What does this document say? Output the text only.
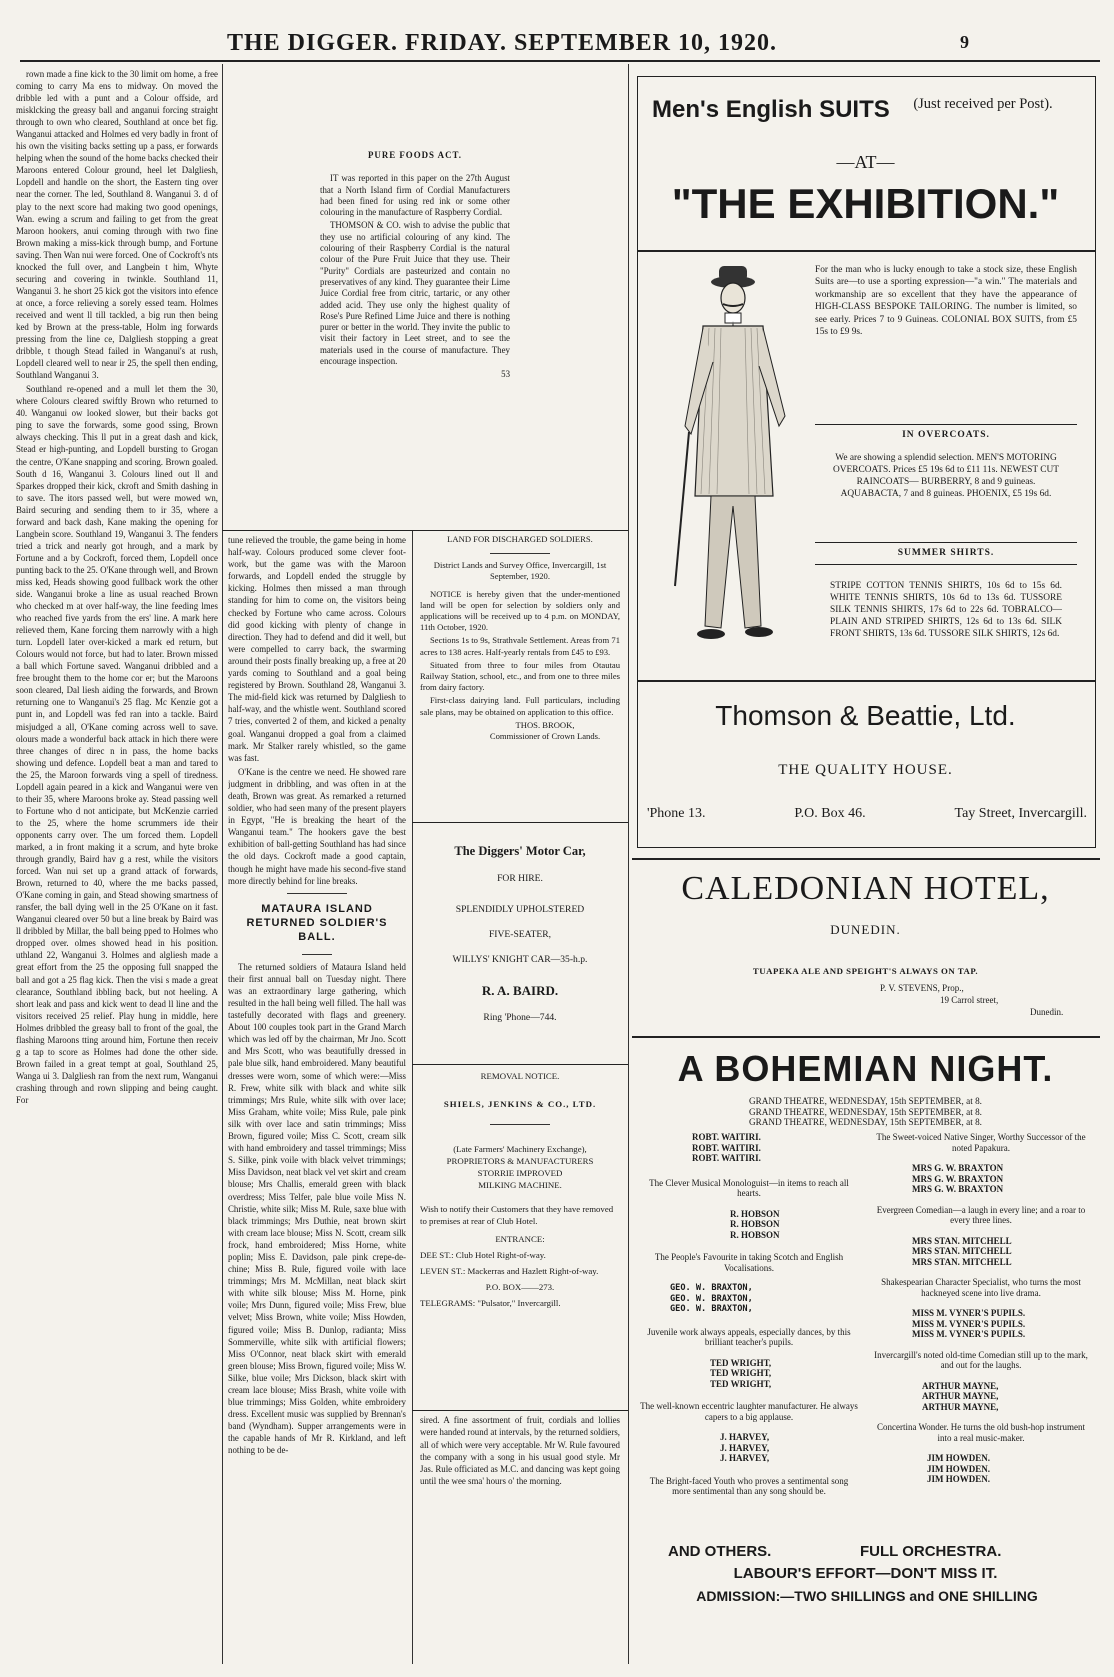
THE DIGGER. FRIDAY. SEPTEMBER 10, 1920.	9

rown made a fine kick to the 30 limit om home, a free coming to carry Ma ens to midway. On moved the dribble led with a punt and a Colour offside, ard misklcking the greasy ball and anganui forcing straight through to own who cleared, Southland at once bet fig. Wanganui attacked and Holmes ed very badly in front of his own the visiting backs setting up a pass, er forwards helping when the sound of the home backs checked their Maroons entered Colour ground, heel let Dalgliesh, Lopdell and handle on the short, the Eastern ting over near the corner. The led, Southland 8. Wanganui 3. d of play to the next score had making two good openings, Wan. ewing a scrum and failing to get from the great Maroon hookers, anui coming through with two fine Brown making a miss-kick through bump, and Fortune saving. Then Wan nui were forced. One of Cockroft's nts knocked the full over, and Langbein t him, Whyte securing and covering in twinkle. Southland 11, Wanganui 3. he short 25 kick got the visitors into efence at once, a force relieving a sorely essed team. Holmes received and went ll till tackled, a big run then being ked by Brown at the press-table, Holm ing forwards pressing from the line ce, Dalgliesh stopping a great dribble, t though Stead failed in Wanganui's at rush, Lopdell cleared well to near ir 25, the spell then ending, Southland Wanganui 3.

Southland re-opened and a mull let them the 30, where Colours cleared swiftly Brown who returned to 40. Wanganui ow looked slower, but their backs got ping to save the forwards, some good ssing, Brown always checking. This ll put in a great dash and kick, Stead er high-punting, and Lopdell bursting to Grogan the centre, O'Kane snapping and scoring. Brown goaled. South d 16, Wanganui 3. Colours lined out ll and Sparkes dropped their kick, ckroft and Smith dashing in to save. The itors passed well, but were mowed wn, Baird securing and sending them to ir 35, where a forward and back dash, Kane making the opening for Langbein score. Southland 19, Wanganui 3. The fenders tried a trick and nearly got hrough, and a mark by Fortune and a by Cockroft, forced them, Lopdell once punting back to the 25. O'Kane through well, and Brown miss ked, Heads showing good fullback work the other side. Wanganui broke a line as usual reached Brown who checked m at over half-way, the line feeding lmes who reached five yards from the ers' line. A mark here relieved them, Kane forcing them narrowly with a high turn. Lopdell later over-kicked a mark ed return, but Colours would not force, but had to later. Brown missed a ball which Fortune saved. Wanganui dribbled and a free brought them to the home cor er; but the Maroons soon cleared, Dal liesh aiding the forwards, and Brown returning one to Wanganui's 25 flag. Mc Kenzie got a punt in, and Lopdell was fed ran into a tackle. Baird misjudged a all, O'Kane coming across well to save. olours made a wonderful back attack in hich there were three changes of direc n in pass, the home backs showing und defence. Lopdell beat a man and tared to the 25, the Maroon forwards ving a spell of tiredness. Lopdell again peared in a kick and Wanganui were ven to their 35, where Maroons broke ay. Stead passing well to Fortune who d not anticipate, but McKenzie carried to the 25, where the home scrummers ide their opponents carry over. The um forced them. Lopdell marked, a in front making it a scrum, and hyte broke through grandly, Baird hav g a rest, while the visitors forced. Wan nui set up a grand attack of forwards, Brown, returned to 40, where the me backs passed, O'Kane coming in gain, and Stead showing smartness of ransfer, the ball dying well in the 25 O'Kane on it fast. Wanganui cleared over 50 but a line break by Baird was ll dribbled by Millar, the ball being pped to Holmes who dropped over. olmes showed head in his position. uthland 22, Wanganui 3. Holmes and algliesh made a great effort from the 25 the opposing full snapped the ball and got a 25 flag kick. Then the visi s made a great clearance, Southland ibbling back, but not heeling. A short leak and pass and kick went to dead ll line and the visitors received 25 relief. Play hung in middle, here Holmes dribbled the greasy ball to front of the goal, the flashing Maroons tting around him, Fortune then receiv g a tap to score as Holmes had done the other side. Brown failed in a great tempt at goal, Southland 25, Wanga ui 3. Dalgliesh ran from the next rum, Wanganui crashing through and rown slipping and being caught. For

PURE FOODS ACT.

IT was reported in this paper on the 27th August that a North Island firm of Cordial Manufacturers had been fined for using red ink or some other colouring in the manufacture of Raspberry Cordial.

THOMSON & CO. wish to advise the public that they use no artificial colouring of any kind. The colouring of their Raspberry Cordial is the natural colour of the Pure Fruit Juice that they use. Their "Purity" Cordials are pasteurized and contain no preservatives of any kind. They guarantee their Lime Juice Cordial free from citric, tartaric, or any other added acid. They use only the highest quality of Rose's Pure Refined Lime Juice and there is nothing purer or better in the world. They invite the public to visit their factory in Leet street, and to see the materials used in the course of manufacture. They encourage inspection.

53

tune relieved the trouble, the game being in home half-way. Colours produced some clever foot-work, but the game was with the Maroon forwards, and Lopdell ended the struggle by kicking. Holmes then missed a man through standing for him to come on, the visitors being checked by Fortune who came across. Colours did good kicking with plenty of change in direction. They had to defend and did it well, but were compelled to carry back, the swarming around their posts finally breaking up, a free at 20 yards coming to Southland and a goal being registered by Brown. Southland 28, Wanganui 3. The mid-field kick was returned by Dalgliesh to half-way, and the whistle went. Southland scored 7 tries, converted 2 of them, and kicked a penalty goal. Wanganui dropped a goal from a claimed mark. Mr Stalker rarely whistled, so the game was fast.

O'Kane is the centre we need. He showed rare judgment in dribbling, and was often in at the death, Brown was great. As remarked a returned soldier, who had seen many of the present players in Egypt, "He is breaking the heart of the Wanganui team." The hookers gave the best exhibition of ball-getting Southland has had since the old days. Cockroft made a good captain, though he might have made his second-five stand more directly behind for line breaks.

MATAURA ISLAND RETURNED SOLDIER'S BALL.

The returned soldiers of Mataura Island held their first annual ball on Tuesday night. There was an extraordinary large gathering, which resulted in the hall being well filled. The hall was tastefully decorated with flags and greenery. About 100 couples took part in the Grand March which was led off by the chairman, Mr Jno. Scott and Mrs Scott, who was beautifully dressed in pale blue silk, hand embroidered. Many beautiful dresses were worn, some of which were:—Miss R. Frew, white silk with black and white silk trimmings; Mrs Rule, white silk with over lace; Miss Graham, white voile; Miss Rule, pale pink silk with over lace and satin trimmings; Miss Brown, figured voile; Miss C. Scott, cream silk with hand embroidery and tassel trimmings; Miss S. Silke, pink voile with black velvet trimmings; Miss Davidson, neat black vel vet skirt and cream blouse; Mrs Challis, emerald green with black overdress; Miss Telfer, pale blue voile Miss N. Christie, white silk; Miss M. Rule, saxe blue with black trimmings; Mrs Duthie, neat brown skirt with cream lace blouse; Miss N. Scott, cream silk frock, hand embroidered; Miss Horne, white poplin; Miss E. Davidson, pale pink crepe-de-chine; Miss B. Rule, figured voile with lace trimmings; Mrs M. McMillan, neat black skirt with white silk blouse; Miss M. Horne, pink voile; Mrs Dunn, figured voile; Miss Frew, blue velvet; Miss Brown, white voile; Miss Howden, figured voile; Miss B. Dunlop, radianta; Miss Sommerville, white silk with artificial flowers; Miss O'Connor, neat black skirt with emerald green blouse; Miss Brown, figured voile; Miss W. Silke, blue voile; Mrs Dickson, black skirt with cream lace blouse; Miss Brash, white voile with blue trimmings; Miss Golden, white embroidery dress. Excellent music was supplied by Brennan's band (Wyndham). Supper arrangements were in the capable hands of Mr R. Kirkland, and left nothing to be de-

LAND FOR DISCHARGED SOLDIERS.

District Lands and Survey Office, Invercargill, 1st September, 1920.

NOTICE is hereby given that the under-mentioned land will be open for selection by soldiers only and applications will be received up to 4 p.m. on MONDAY, 11th October, 1920.

Sections 1s to 9s, Strathvale Settlement. Areas from 71 acres to 138 acres. Half-yearly rentals from £45 to £93.

Situated from three to four miles from Otautau Railway Station, school, etc., and from one to three miles from dairy factory.

First-class dairying land. Full particulars, including sale plans, may be obtained on application to this office.

THOS. BROOK,

Commissioner of Crown Lands.

The Diggers' Motor Car,
FOR HIRE.
SPLENDIDLY UPHOLSTERED
FIVE-SEATER,
WILLYS' KNIGHT CAR—35-h.p.
R. A. BAIRD.
Ring 'Phone—744.
REMOVAL NOTICE.
SHIELS, JENKINS & CO., LTD.
(Late Farmers' Machinery Exchange),
PROPRIETORS & MANUFACTURERS
STORRIE IMPROVED
MILKING MACHINE.

Wish to notify their Customers that they have removed to premises at rear of Club Hotel.

ENTRANCE:
DEE ST.: Club Hotel Right-of-way.
LEVEN ST.: Mackerras and Hazlett Right-of-way.
P.O. BOX——273.
TELEGRAMS: "Pulsator," Invercargill.

sired. A fine assortment of fruit, cordials and lollies were handed round at intervals, by the returned soldiers, all of which were very acceptable. Mr W. Rule favoured the company with a song in his usual good style. Mr Jas. Rule officiated as M.C. and dancing was kept going until the wee sma' hours o' the morning.

Men's English SUITS	(Just received per Post).
—AT—
"THE EXHIBITION."

For the man who is lucky enough to take a stock size, these English Suits are—to use a sporting expression—"a win." The materials and workmanship are so excellent that they have the appearance of HIGH-CLASS BESPOKE TAILORING. The number is limited, so see early. Prices 7 to 9 Guineas. COLONIAL BOX SUITS, from £5 15s to £9 9s.

IN OVERCOATS.

We are showing a splendid selection. MEN'S MOTORING OVERCOATS. Prices £5 19s 6d to £11 11s. NEWEST CUT RAINCOATS— BURBERRY, 8 and 9 guineas. AQUABACTA, 7 and 8 guineas. PHOENIX, £5 19s 6d.

SUMMER SHIRTS.

STRIPE COTTON TENNIS SHIRTS, 10s 6d to 15s 6d. WHITE TENNIS SHIRTS, 10s 6d to 13s 6d. TUSSORE SILK TENNIS SHIRTS, 17s 6d to 22s 6d. TOBRALCO—PLAIN AND STRIPED SHIRTS, 12s 6d to 13s 6d. SILK FRONT SHIRTS, 13s 6d. TUSSORE SILK SHIRTS, 12s 6d.

Thomson & Beattie, Ltd.
THE QUALITY HOUSE.
'Phone 13.	P.O. Box 46.	Tay Street, Invercargill.
CALEDONIAN HOTEL,
DUNEDIN.
TUAPEKA ALE AND SPEIGHT'S ALWAYS ON TAP.
P. V. STEVENS, Prop.,
19 Carrol street,
Dunedin.
A BOHEMIAN NIGHT.
GRAND THEATRE, WEDNESDAY, 15th SEPTEMBER, at 8.
GRAND THEATRE, WEDNESDAY, 15th SEPTEMBER, at 8.
GRAND THEATRE, WEDNESDAY, 15th SEPTEMBER, at 8.
ROBT. WAITIRI.
ROBT. WAITIRI.
ROBT. WAITIRI.
The Clever Musical Monologuist—in items to reach all hearts.
R. HOBSON
R. HOBSON
R. HOBSON
The People's Favourite in taking Scotch and English Vocalisations.
GEO. W. BRAXTON,
GEO. W. BRAXTON,
GEO. W. BRAXTON,
Juvenile work always appeals, especially dances, by this brilliant teacher's pupils.
TED WRIGHT,
TED WRIGHT,
TED WRIGHT,
The well-known eccentric laughter manufacturer. He always capers to a big applause.
J. HARVEY,
J. HARVEY,
J. HARVEY,
The Bright-faced Youth who proves a sentimental song more sentimental than any song should be.
The Sweet-voiced Native Singer, Worthy Successor of the noted Papakura.
MRS G. W. BRAXTON
MRS G. W. BRAXTON
MRS G. W. BRAXTON
Evergreen Comedian—a laugh in every line; and a roar to every three lines.
MRS STAN. MITCHELL
MRS STAN. MITCHELL
MRS STAN. MITCHELL
Shakespearian Character Specialist, who turns the most hackneyed scene into live drama.
MISS M. VYNER'S PUPILS.
MISS M. VYNER'S PUPILS.
MISS M. VYNER'S PUPILS.
Invercargill's noted old-time Comedian still up to the mark, and out for the laughs.
ARTHUR MAYNE,
ARTHUR MAYNE,
ARTHUR MAYNE,
Concertina Wonder. He turns the old bush-hop instrument into a real music-maker.
JIM HOWDEN.
JIM HOWDEN.
JIM HOWDEN.
AND OTHERS.	FULL ORCHESTRA.
LABOUR'S EFFORT—DON'T MISS IT.
ADMISSION:—TWO SHILLINGS and ONE SHILLING
